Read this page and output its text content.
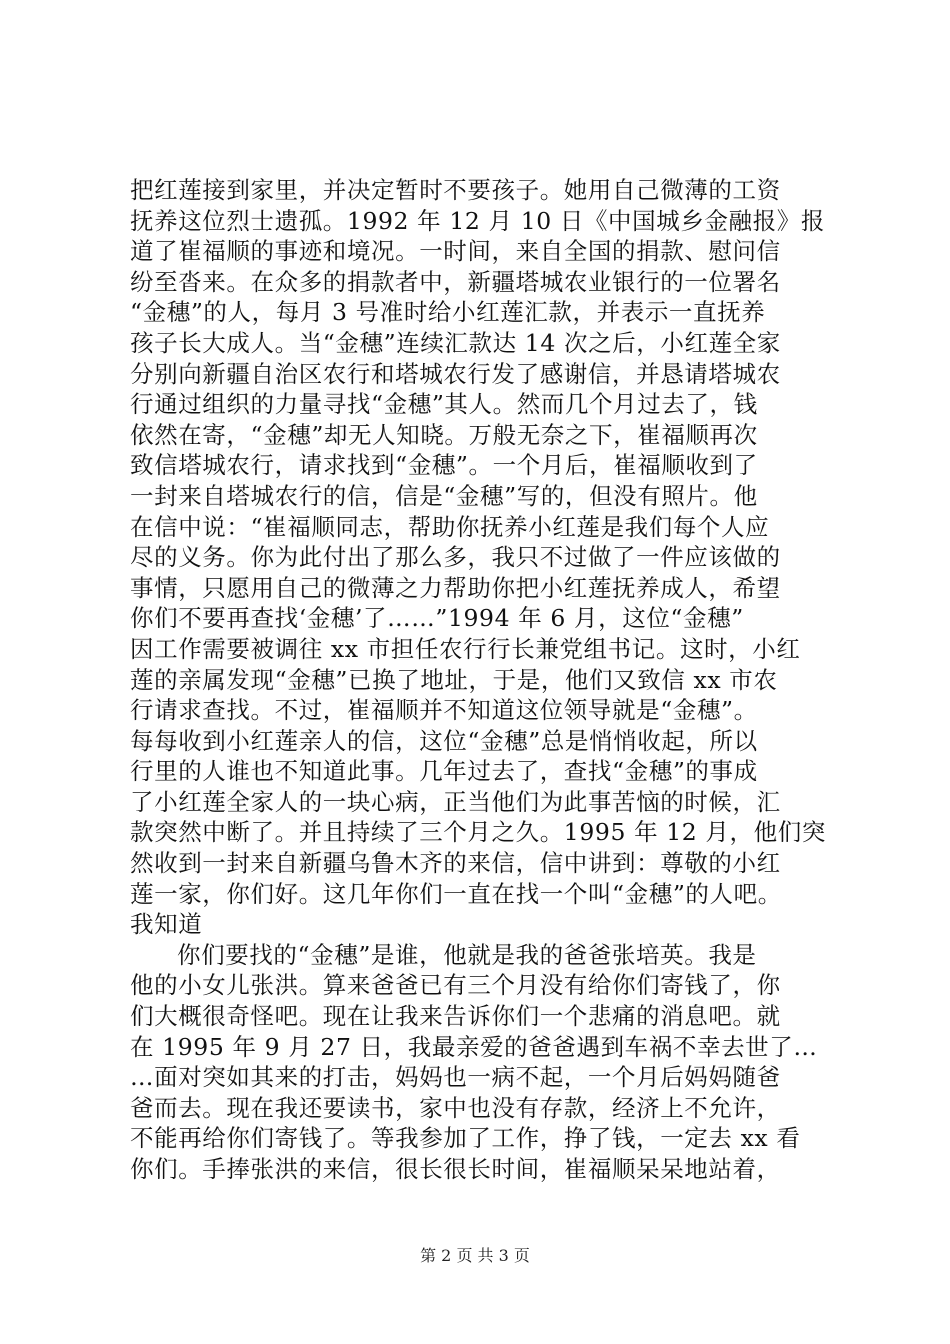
把红莲接到家里，并决定暂时不要孩子。她用自己微薄的工资
抚养这位烈士遗孤。1992 年 12 月 10 日《中国城乡金融报》报
道了崔福顺的事迹和境况。一时间，来自全国的捐款、慰问信
纷至沓来。在众多的捐款者中，新疆塔城农业银行的一位署名
“金穗”的人，每月 3 号准时给小红莲汇款，并表示一直抚养
孩子长大成人。当“金穗”连续汇款达 14 次之后，小红莲全家
分别向新疆自治区农行和塔城农行发了感谢信，并恳请塔城农
行通过组织的力量寻找“金穗”其人。然而几个月过去了，钱
依然在寄，“金穗”却无人知晓。万般无奈之下，崔福顺再次
致信塔城农行，请求找到“金穗”。一个月后，崔福顺收到了
一封来自塔城农行的信，信是“金穗”写的，但没有照片。他
在信中说：“崔福顺同志，帮助你抚养小红莲是我们每个人应
尽的义务。你为此付出了那么多，我只不过做了一件应该做的
事情，只愿用自己的微薄之力帮助你把小红莲抚养成人，希望
你们不要再查找‘金穗’了……”1994 年 6 月，这位“金穗”
因工作需要被调往 xx 市担任农行行长兼党组书记。这时，小红
莲的亲属发现“金穗”已换了地址，于是，他们又致信 xx 市农
行请求查找。不过，崔福顺并不知道这位领导就是“金穗”。
每每收到小红莲亲人的信，这位“金穗”总是悄悄收起，所以
行里的人谁也不知道此事。几年过去了，查找“金穗”的事成
了小红莲全家人的一块心病，正当他们为此事苦恼的时候，汇
款突然中断了。并且持续了三个月之久。1995 年 12 月，他们突
然收到一封来自新疆乌鲁木齐的来信，信中讲到：尊敬的小红
莲一家，你们好。这几年你们一直在找一个叫“金穗”的人吧。
我知道
你们要找的“金穗”是谁，他就是我的爸爸张培英。我是
他的小女儿张洪。算来爸爸已有三个月没有给你们寄钱了，你
们大概很奇怪吧。现在让我来告诉你们一个悲痛的消息吧。就
在 1995 年 9 月 27 日，我最亲爱的爸爸遇到车祸不幸去世了…
…面对突如其来的打击，妈妈也一病不起，一个月后妈妈随爸
爸而去。现在我还要读书，家中也没有存款，经济上不允许，
不能再给你们寄钱了。等我参加了工作，挣了钱，一定去 xx 看
你们。手捧张洪的来信，很长很长时间，崔福顺呆呆地站着，
第 2 页 共 3 页
